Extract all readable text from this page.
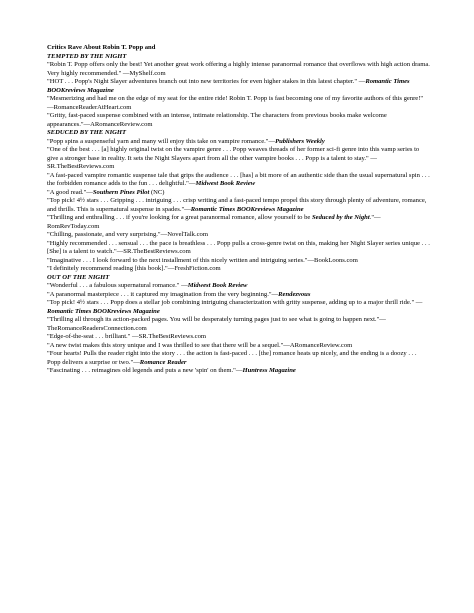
Critics Rave About Robin T. Popp and
TEMPTED BY THE NIGHT
"Robin T. Popp offers only the best! Yet another great work offering a highly intense paranormal romance that overflows with high action drama. Very highly recommended." —MyShelf.com
"HOT . . . Popp's Night Slayer adventures branch out into new territories for even higher stakes in this latest chapter." —Romantic Times BOOKreviews Magazine
"Mesmerizing and had me on the edge of my seat for the entire ride! Robin T. Popp is fast becoming one of my favorite authors of this genre!" —RomanceReaderAtHeart.com
"Gritty, fast-paced suspense combined with an intense, intimate relationship. The characters from previous books make welcome appearances."—ARomanceReview.com
SEDUCED BY THE NIGHT
"Popp spins a suspenseful yarn and many will enjoy this take on vampire romance."—Publishers Weekly
"One of the best . . . [a] highly original twist on the vampire genre . . . Popp weaves threads of her former sci-fi genre into this vamp series to give a stronger base in reality. It sets the Night Slayers apart from all the other vampire books . . . Popp is a talent to stay." —SR.TheBestReviews.com
"A fast-paced vampire romantic suspense tale that grips the audience . . . [has] a bit more of an authentic side than the usual supernatural spin . . . the forbidden romance adds to the fun . . . delightful."—Midwest Book Review
"A good read."—Southern Pines Pilot (NC)
"Top pick! 4½ stars . . . Gripping . . . intriguing . . . crisp writing and a fast-paced tempo propel this story through plenty of adventure, romance, and thrills. This is supernatural suspense in spades."—Romantic Times BOOKreviews Magazine
"Thrilling and enthralling . . . if you're looking for a great paranormal romance, allow yourself to be Seduced by the Night."—RomRevToday.com
"Chilling, passionate, and very surprising."—NovelTalk.com
"Highly recommended . . . sensual . . . the pace is breathless . . . Popp pulls a cross-genre twist on this, making her Night Slayer series unique . . . [She] is a talent to watch."—SR.TheBestReviews.com
"Imaginative . . . I look forward to the next installment of this nicely written and intriguing series."—BookLoons.com
"I definitely recommend reading [this book]."—FreshFiction.com
OUT OF THE NIGHT
"Wonderful . . . a fabulous supernatural romance." —Midwest Book Review
"A paranormal masterpiece . . . it captured my imagination from the very beginning."—Rendezvous
"Top pick! 4½ stars . . . Popp does a stellar job combining intriguing characterization with gritty suspense, adding up to a major thrill ride." —Romantic Times BOOKreviews Magazine
"Thrilling all through its action-packed pages. You will be desperately turning pages just to see what is going to happen next."—TheRomanceReadersConnection.com
"Edge-of-the-seat . . . brilliant." —SR.TheBestReviews.com
"A new twist makes this story unique and I was thrilled to see that there will be a sequel."—ARomanceReview.com
"Four hearts! Pulls the reader right into the story . . . the action is fast-paced . . . [the] romance heats up nicely, and the ending is a doozy . . . Popp delivers a surprise or two."—Romance Reader
"Fascinating . . . reimagines old legends and puts a new 'spin' on them."—Huntress Magazine
